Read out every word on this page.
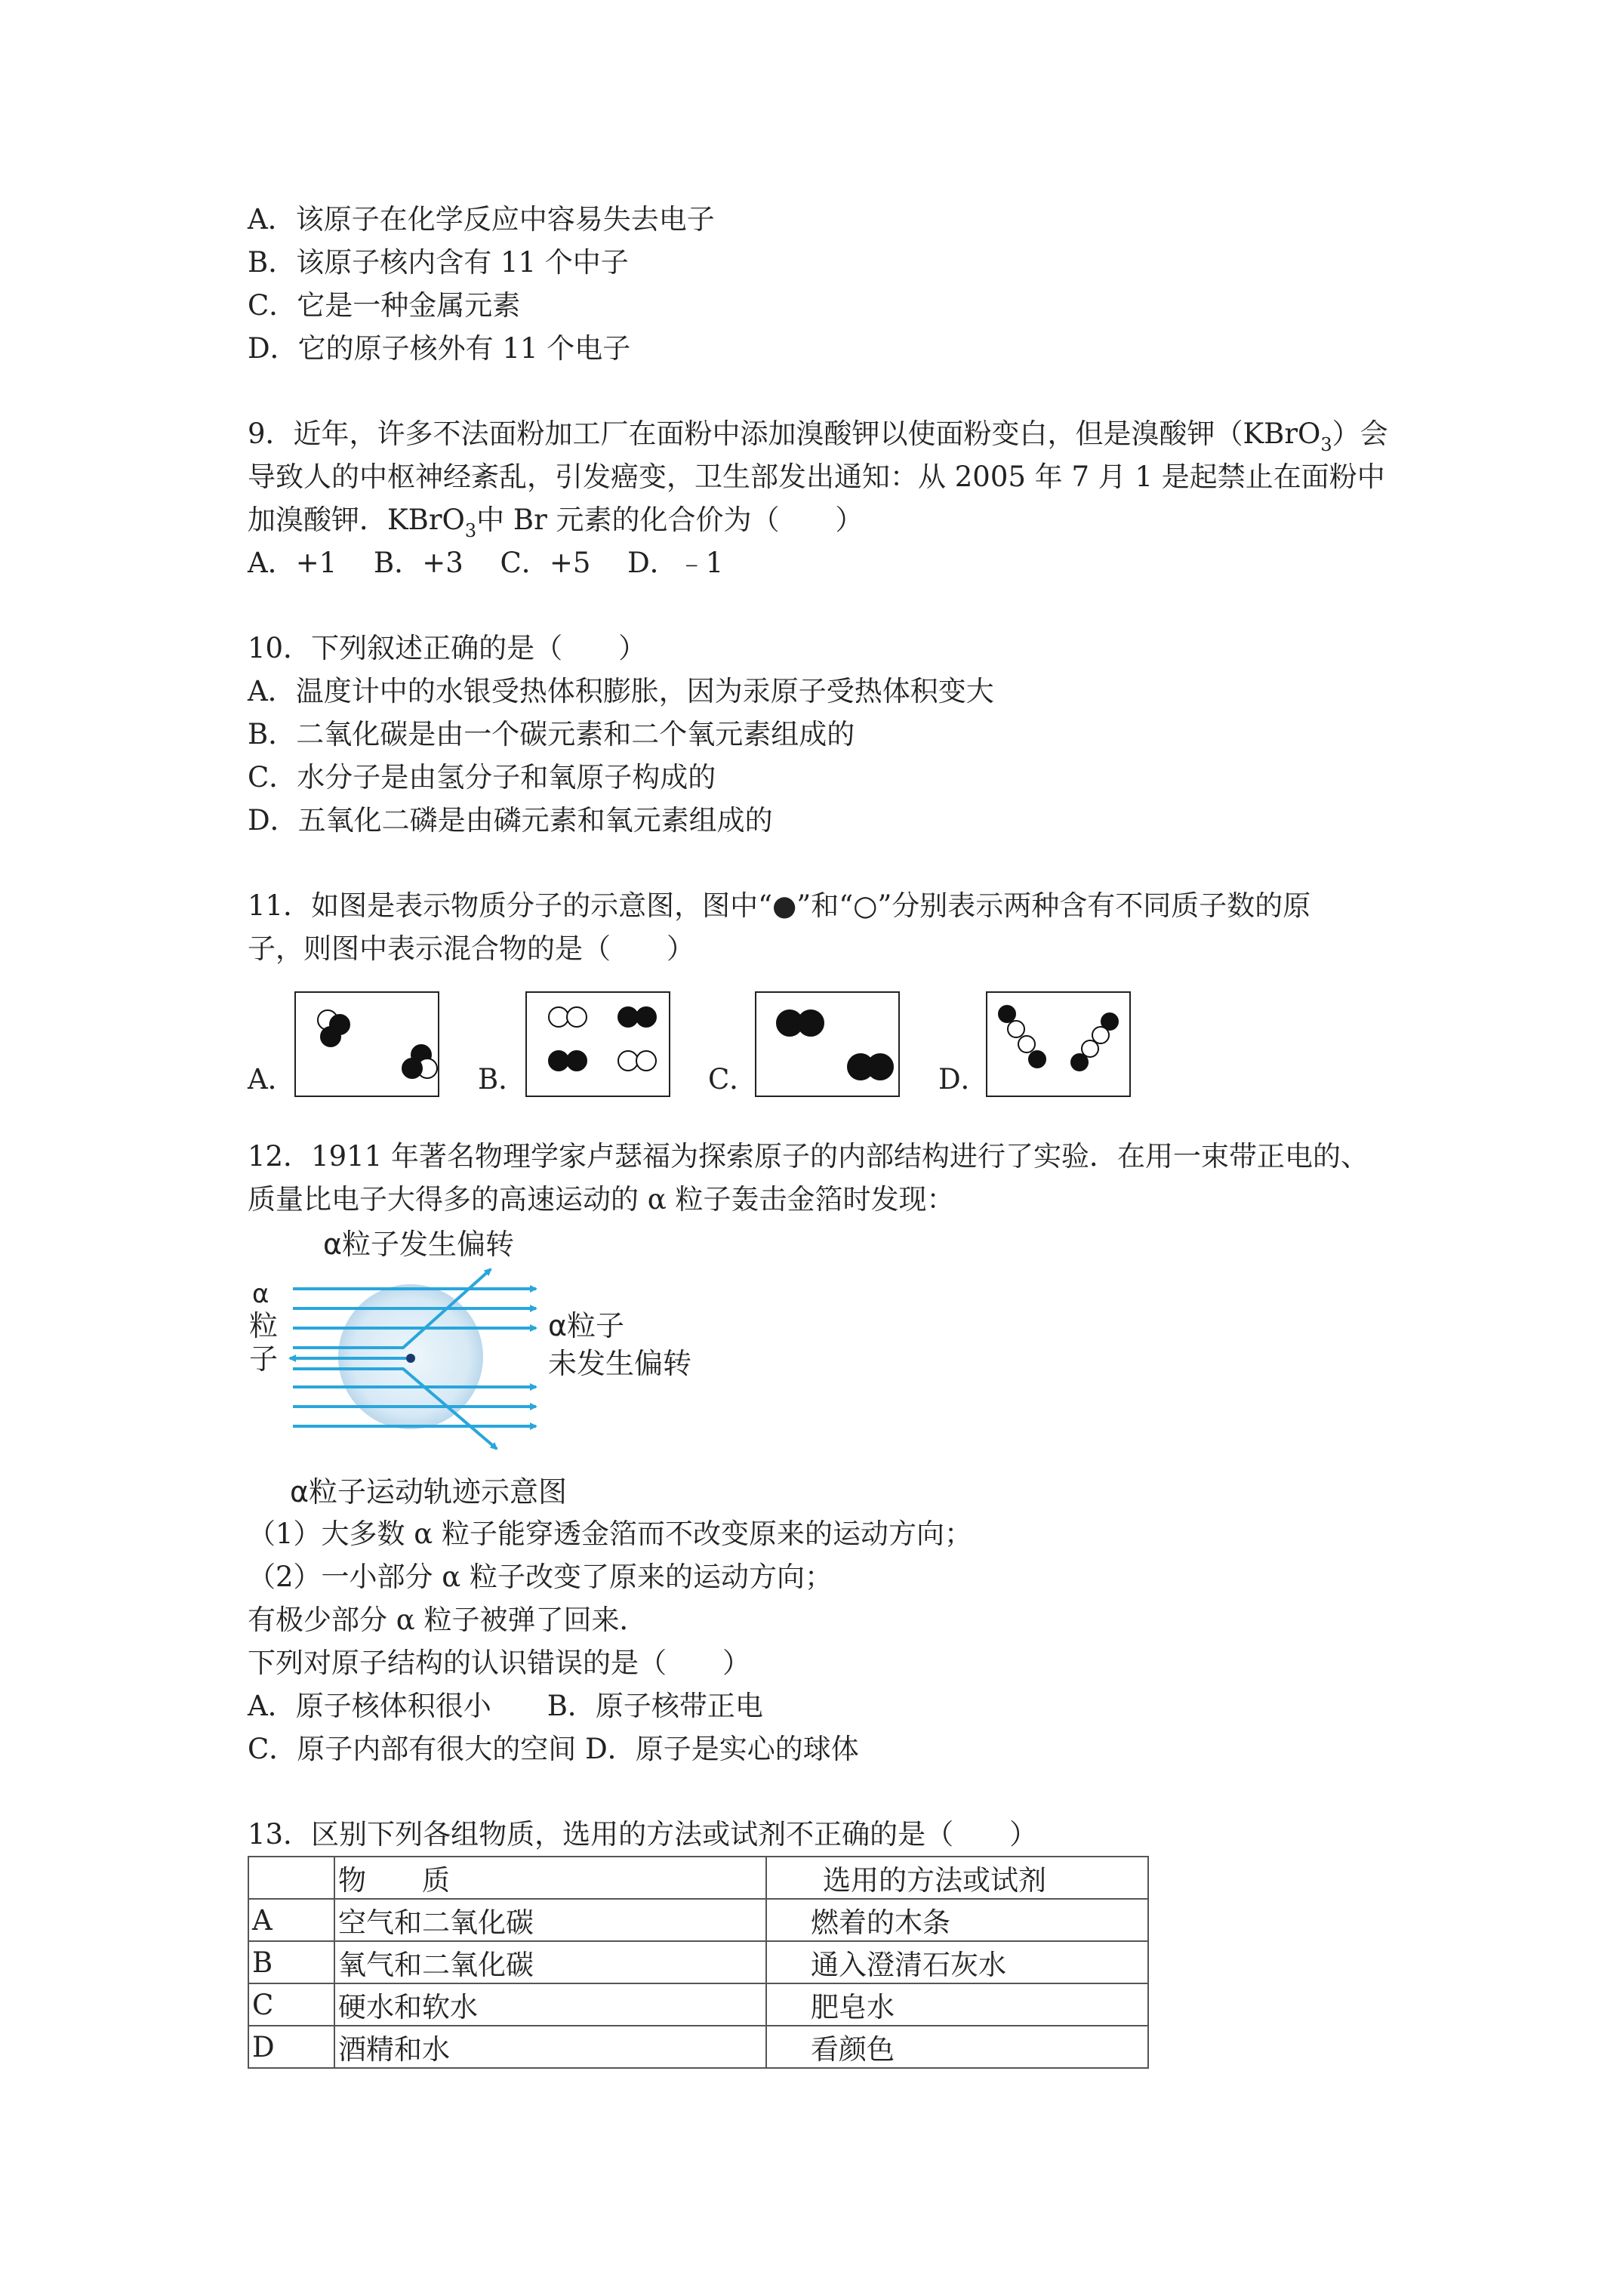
A．该原子在化学反应中容易失去电子
B．该原子核内含有 11 个中子
C．它是一种金属元素
D．它的原子核外有 11 个电子
9．近年，许多不法面粉加工厂在面粉中添加溴酸钾以使面粉变白，但是溴酸钾（KBrO$_3$）会
导致人的中枢神经紊乱，引发癌变，卫生部发出通知：从 2005 年 7 月 1 是起禁止在面粉中
加溴酸钾．KBrO$_3$中 Br 元素的化合价为（　　）
A．+1　 B．+3　 C．+5　 D．﹣1
10．下列叙述正确的是（　　）
A．温度计中的水银受热体积膨胀，因为汞原子受热体积变大
B．二氧化碳是由一个碳元素和二个氧元素组成的
C．水分子是由氢分子和氧原子构成的
D．五氧化二磷是由磷元素和氧元素组成的
11．如图是表示物质分子的示意图，图中“●”和“○”分别表示两种含有不同质子数的原
子，则图中表示混合物的是（　　）
A．	B．	C．	D．
12．1911 年著名物理学家卢瑟福为探索原子的内部结构进行了实验．在用一束带正电的、
质量比电子大得多的高速运动的 α 粒子轰击金箔时发现：
α粒子发生偏转
α
粒
子
α粒子
未发生偏转
α粒子运动轨迹示意图
（1）大多数 α 粒子能穿透金箔而不改变原来的运动方向；
（2）一小部分 α 粒子改变了原来的运动方向；
有极少部分 α 粒子被弹了回来．
下列对原子结构的认识错误的是（　　）
A．原子核体积很小　　B．原子核带正电
C．原子内部有很大的空间 D．原子是实心的球体
13．区别下列各组物质，选用的方法或试剂不正确的是（　　）
	物　　质	选用的方法或试剂
A	空气和二氧化碳	燃着的木条
B	氧气和二氧化碳	通入澄清石灰水
C	硬水和软水	肥皂水
D	酒精和水	看颜色
